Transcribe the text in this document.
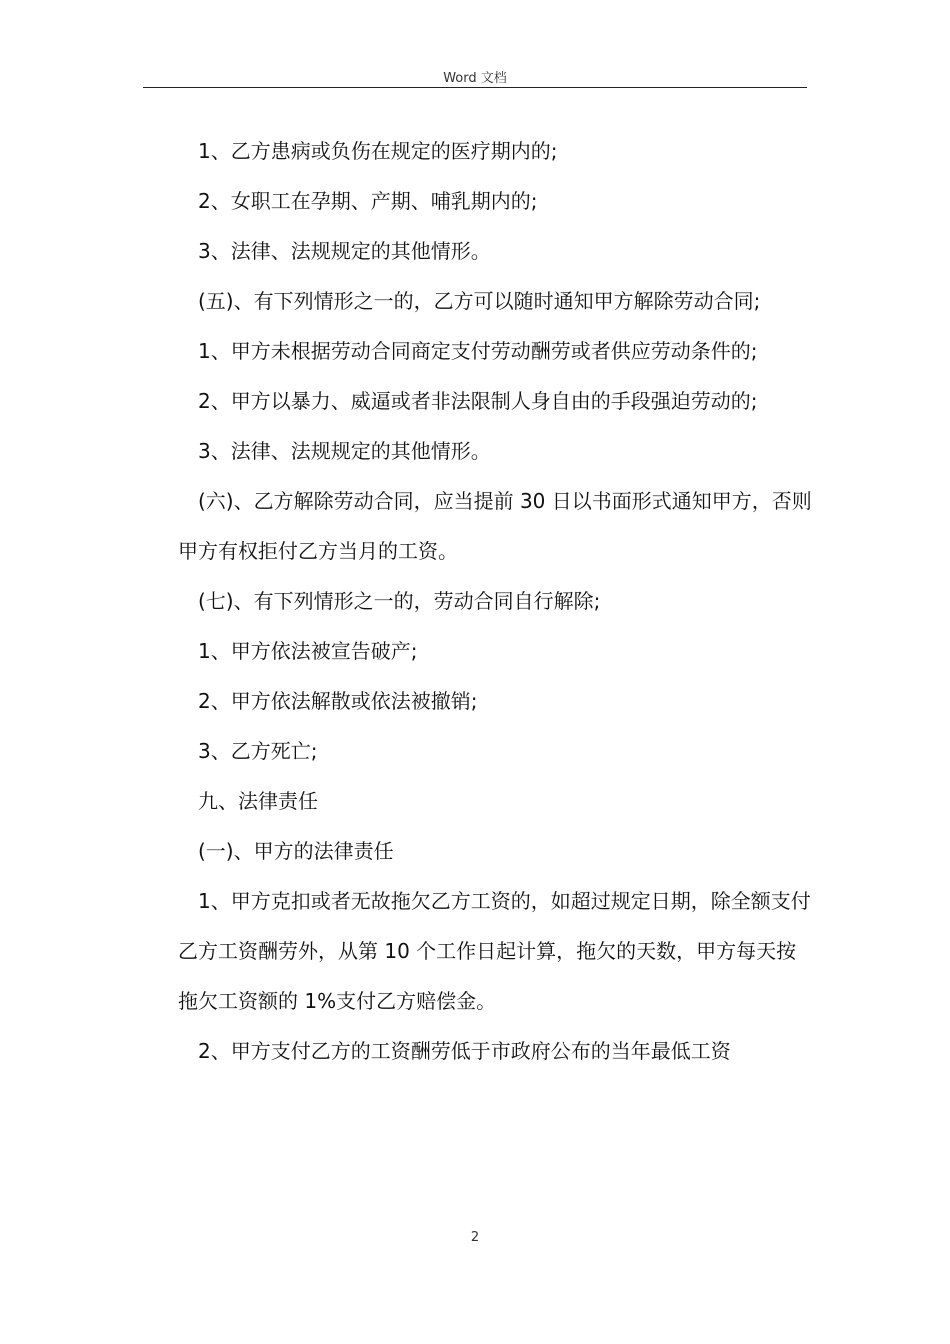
Word 文档

1、乙方患病或负伤在规定的医疗期内的;

2、女职工在孕期、产期、哺乳期内的;

3、法律、法规规定的其他情形。

(五)、有下列情形之一的，乙方可以随时通知甲方解除劳动合同;

1、甲方未根据劳动合同商定支付劳动酬劳或者供应劳动条件的;

2、甲方以暴力、威逼或者非法限制人身自由的手段强迫劳动的;

3、法律、法规规定的其他情形。

(六)、乙方解除劳动合同，应当提前 30 日以书面形式通知甲方，否则甲方有权拒付乙方当月的工资。

(七)、有下列情形之一的，劳动合同自行解除;

1、甲方依法被宣告破产;

2、甲方依法解散或依法被撤销;

3、乙方死亡;

九、法律责任

(一)、甲方的法律责任

1、甲方克扣或者无故拖欠乙方工资的，如超过规定日期，除全额支付乙方工资酬劳外，从第 10 个工作日起计算，拖欠的天数，甲方每天按拖欠工资额的 1%支付乙方赔偿金。

2、甲方支付乙方的工资酬劳低于市政府公布的当年最低工资

2
